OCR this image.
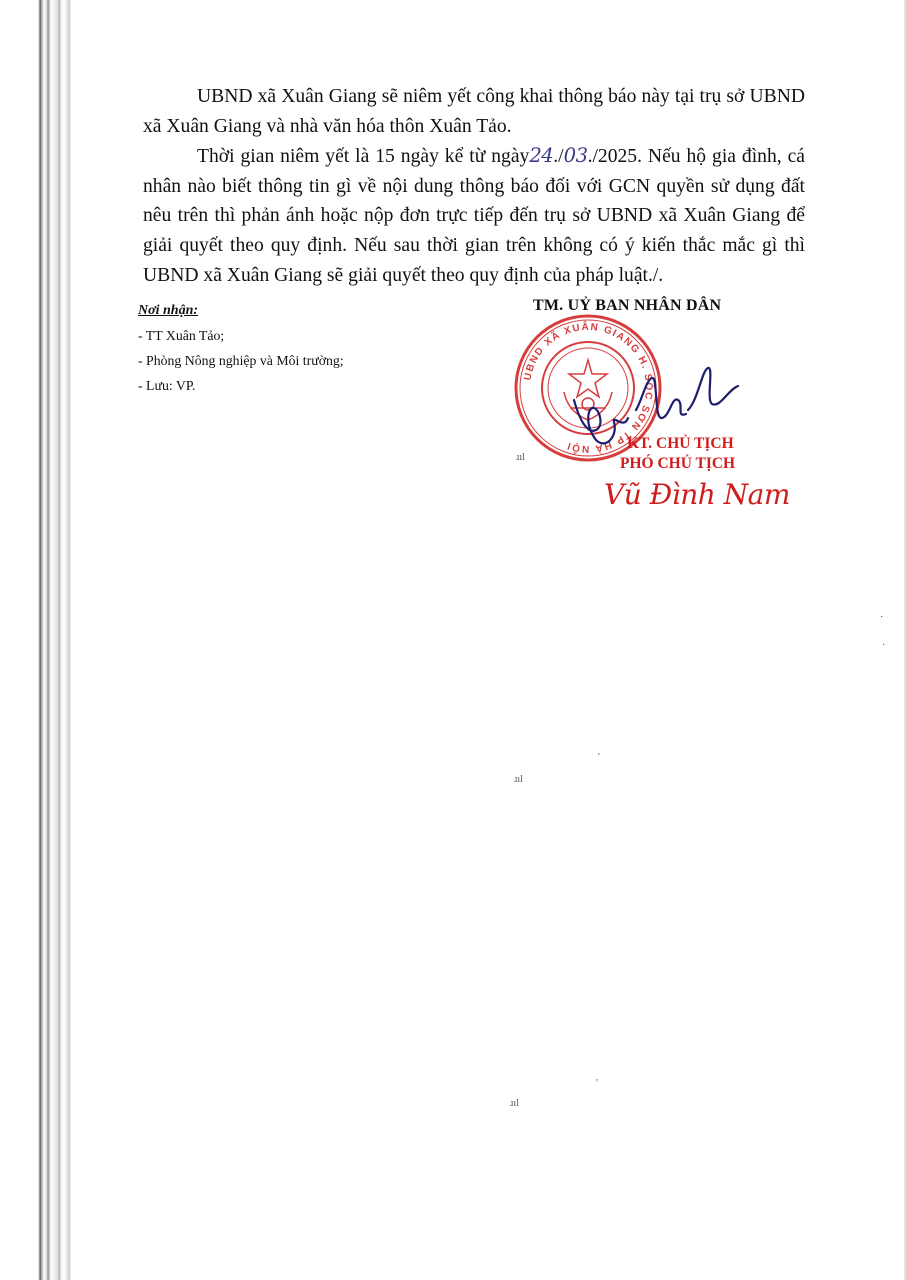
UBND xã Xuân Giang sẽ niêm yết công khai thông báo này tại trụ sở UBND xã Xuân Giang và nhà văn hóa thôn Xuân Tảo.

Thời gian niêm yết là 15 ngày kể từ ngày24./03./2025. Nếu hộ gia đình, cá nhân nào biết thông tin gì về nội dung thông báo đối với GCN quyền sử dụng đất nêu trên thì phản ánh hoặc nộp đơn trực tiếp đến trụ sở UBND xã Xuân Giang để giải quyết theo quy định. Nếu sau thời gian trên không có ý kiến thắc mắc gì thì UBND xã Xuân Giang sẽ giải quyết theo quy định của pháp luật./.

Nơi nhận:
- TT Xuân Tảo;
- Phòng Nông nghiệp và Môi trường;
- Lưu: VP.
TM. UỶ BAN NHÂN DÂN
UBND XÃ XUÂN GIANG H. SÓC SƠN TP HÀ NỘI	KT. CHỦ TỊCH
PHÓ CHỦ TỊCH
Vũ Đình Nam
ɹıl
ɹıl
ɹıl
'
'
·
·
